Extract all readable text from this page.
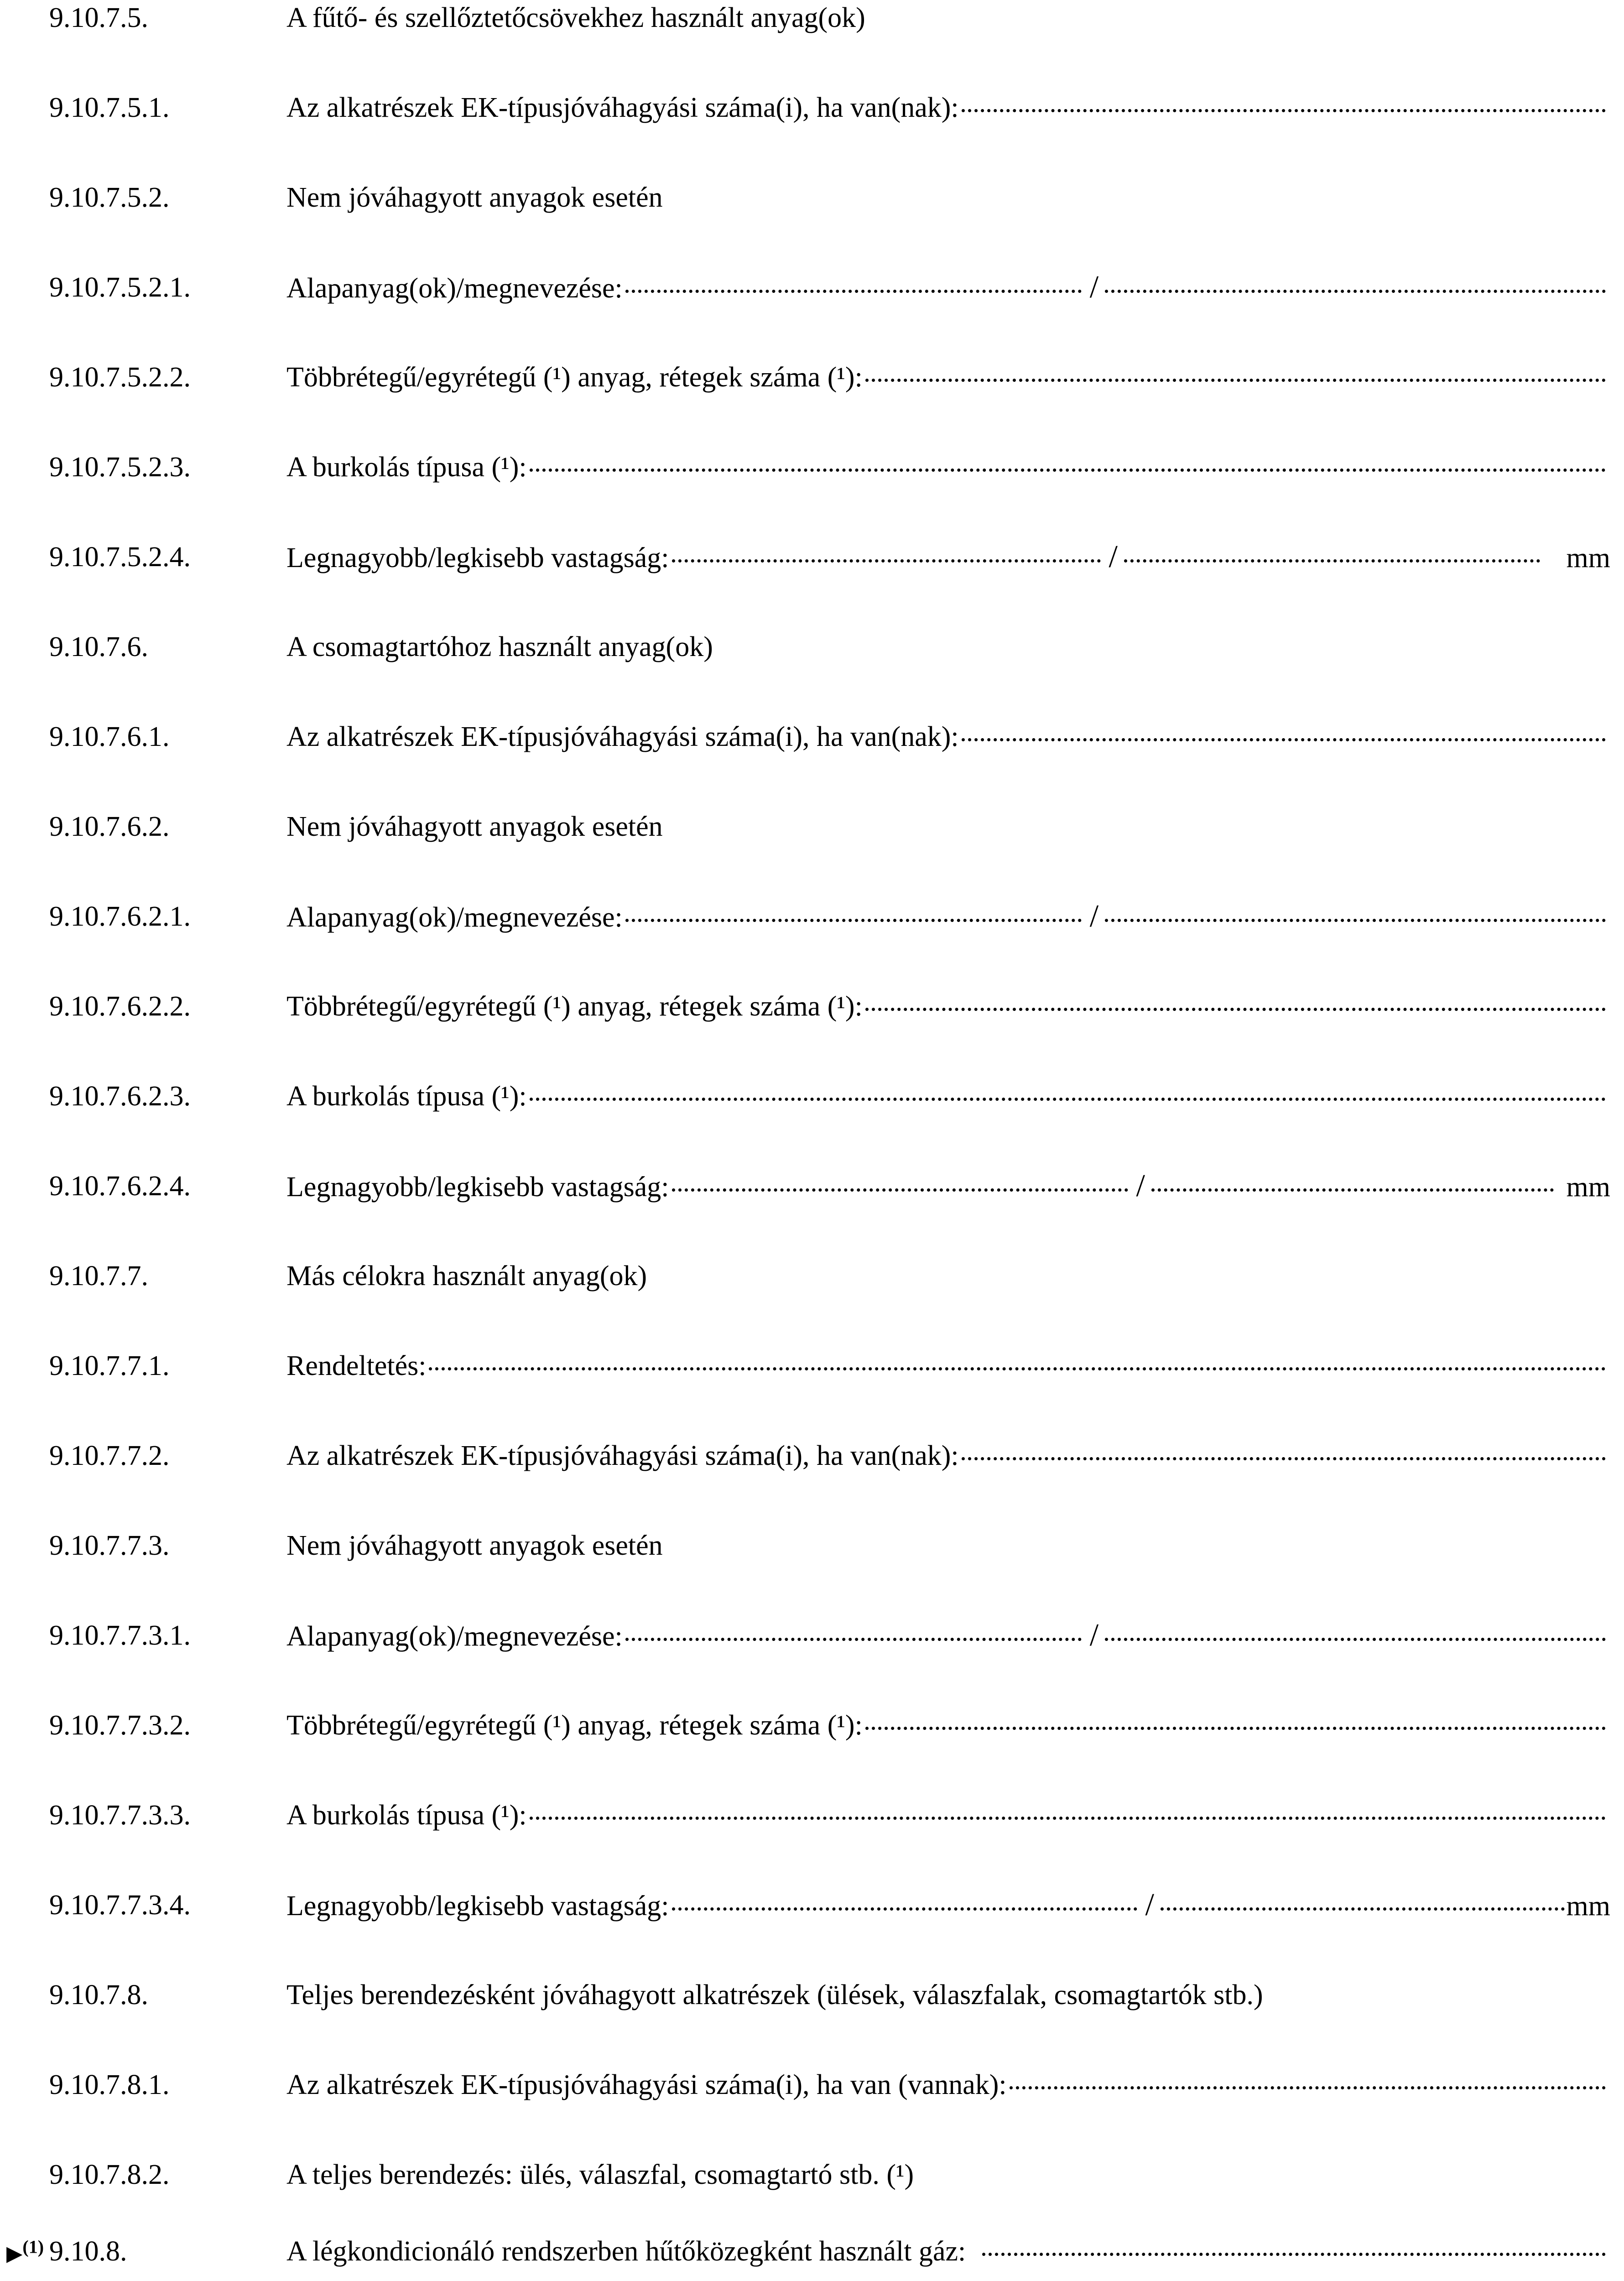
9.10.7.5.	A fűtő- és szellőztetőcsövekhez használt anyag(ok)
9.10.7.5.1.	Az alkatrészek EK-típusjóváhagyási száma(i), ha van(nak):
9.10.7.5.2.	Nem jóváhagyott anyagok esetén
9.10.7.5.2.1.	Alapanyag(ok)/megnevezése:	/
9.10.7.5.2.2.	Többrétegű/egyrétegű (¹) anyag, rétegek száma (¹):
9.10.7.5.2.3.	A burkolás típusa (¹):
9.10.7.5.2.4.	Legnagyobb/legkisebb vastagság:	/	mm
9.10.7.6.	A csomagtartóhoz használt anyag(ok)
9.10.7.6.1.	Az alkatrészek EK-típusjóváhagyási száma(i), ha van(nak):
9.10.7.6.2.	Nem jóváhagyott anyagok esetén
9.10.7.6.2.1.	Alapanyag(ok)/megnevezése:	/
9.10.7.6.2.2.	Többrétegű/egyrétegű (¹) anyag, rétegek száma (¹):
9.10.7.6.2.3.	A burkolás típusa (¹):
9.10.7.6.2.4.	Legnagyobb/legkisebb vastagság:	/	mm
9.10.7.7.	Más célokra használt anyag(ok)
9.10.7.7.1.	Rendeltetés:
9.10.7.7.2.	Az alkatrészek EK-típusjóváhagyási száma(i), ha van(nak):
9.10.7.7.3.	Nem jóváhagyott anyagok esetén
9.10.7.7.3.1.	Alapanyag(ok)/megnevezése:	/
9.10.7.7.3.2.	Többrétegű/egyrétegű (¹) anyag, rétegek száma (¹):
9.10.7.7.3.3.	A burkolás típusa (¹):
9.10.7.7.3.4.	Legnagyobb/legkisebb vastagság:	/	mm
9.10.7.8.	Teljes berendezésként jóváhagyott alkatrészek (ülések, válaszfalak, csomagtartók stb.)
9.10.7.8.1.	Az alkatrészek EK-típusjóváhagyási száma(i), ha van (vannak):
9.10.7.8.2.	A teljes berendezés: ülés, válaszfal, csomagtartó stb. (¹)
▶(1) 9.10.8.	A légkondicionáló rendszerben hűtőközegként használt gáz:
